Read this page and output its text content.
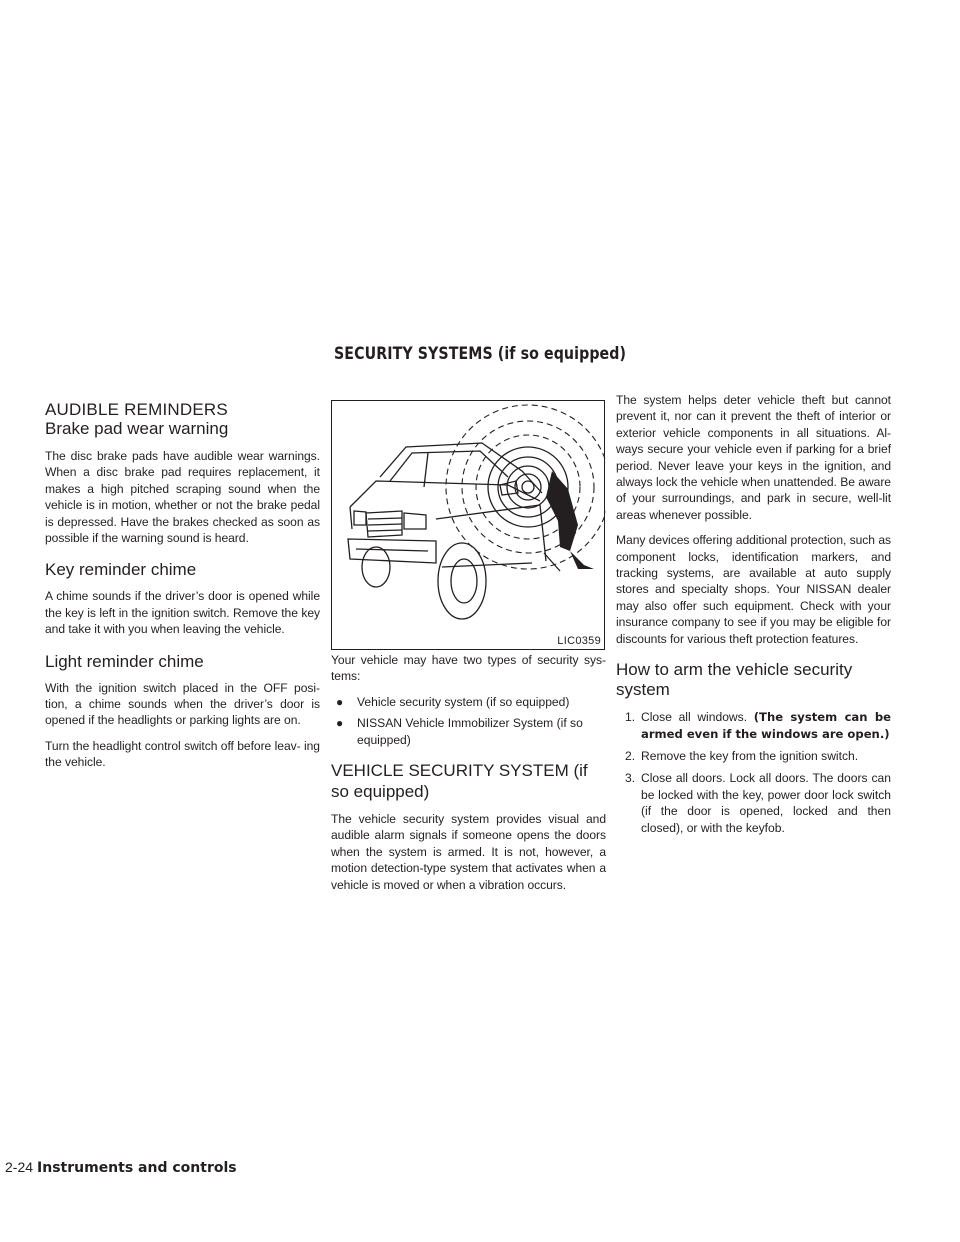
SECURITY SYSTEMS (if so equipped)
AUDIBLE REMINDERS
Brake pad wear warning

The disc brake pads have audible wear warnings. When a disc brake pad requires replacement, it makes a high pitched scraping sound when the vehicle is in motion, whether or not the brake pedal is depressed. Have the brakes checked as soon as possible if the warning sound is heard.

Key reminder chime

A chime sounds if the driver’s door is opened while the key is left in the ignition switch. Remove the key and take it with you when leaving the vehicle.

Light reminder chime

With the ignition switch placed in the OFF posi- tion, a chime sounds when the driver’s door is opened if the headlights or parking lights are on.

Turn the headlight control switch off before leav- ing the vehicle.

LIC0359

Your vehicle may have two types of security sys- tems:

● Vehicle security system (if so equipped)
● NISSAN Vehicle Immobilizer System (if so equipped)
VEHICLE SECURITY SYSTEM (if so equipped)

The vehicle security system provides visual and audible alarm signals if someone opens the doors when the system is armed. It is not, however, a motion detection-type system that activates when a vehicle is moved or when a vibration occurs.

The system helps deter vehicle theft but cannot prevent it, nor can it prevent the theft of interior or exterior vehicle components in all situations. Al- ways secure your vehicle even if parking for a brief period. Never leave your keys in the ignition, and always lock the vehicle when unattended. Be aware of your surroundings, and park in secure, well-lit areas whenever possible.

Many devices offering additional protection, such as component locks, identification markers, and tracking systems, are available at auto supply stores and specialty shops. Your NISSAN dealer may also offer such equipment. Check with your insurance company to see if you may be eligible for discounts for various theft protection features.

How to arm the vehicle security system
1. Close all windows. (The system can be armed even if the windows are open.)
2. Remove the key from the ignition switch.
3. Close all doors. Lock all doors. The doors can be locked with the key, power door lock switch (if the door is opened, locked and then closed), or with the keyfob.
2-24 Instruments and controls
